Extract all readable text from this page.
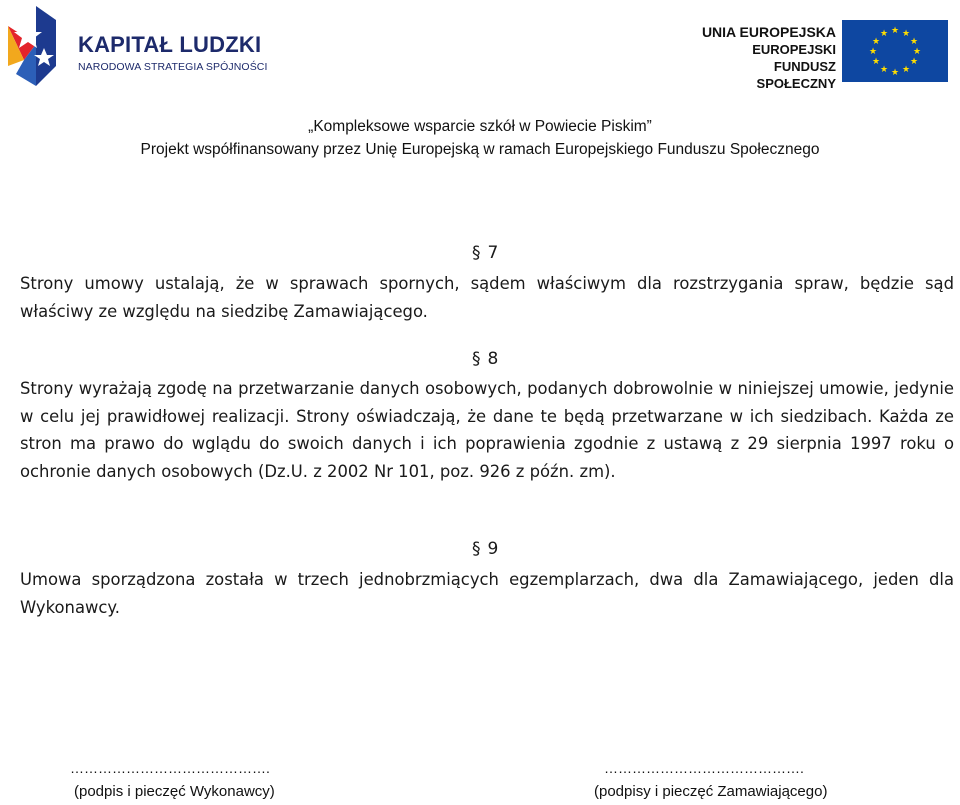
KAPITAŁ LUDZKI
NARODOWA STRATEGIA SPÓJNOŚCI
UNIA EUROPEJSKA
EUROPEJSKI
FUNDUSZ SPOŁECZNY
★ ★
★
★
★
★
★
★
★
★
★
★
„Kompleksowe wsparcie szkół w Powiecie Piskim”
Projekt współfinansowany przez Unię Europejską w ramach Europejskiego Funduszu Społecznego
§ 7
Strony umowy ustalają, że w sprawach spornych, sądem właściwym dla rozstrzygania spraw, będzie sąd właściwy ze względu na siedzibę Zamawiającego.
§ 8
Strony wyrażają zgodę na przetwarzanie danych osobowych, podanych dobrowolnie w niniejszej umowie, jedynie w celu jej prawidłowej realizacji. Strony oświadczają, że dane te będą przetwarzane w ich siedzibach. Każda ze stron ma prawo do wglądu do swoich danych i ich poprawienia zgodnie z ustawą z 29 sierpnia 1997 roku o ochronie danych osobowych (Dz.U. z 2002 Nr 101, poz. 926 z późn. zm).
§ 9
Umowa sporządzona została w trzech jednobrzmiących egzemplarzach, dwa dla Zamawiającego, jeden dla Wykonawcy.
…………………………………….
(podpis i pieczęć Wykonawcy)
…………………………………….
(podpisy i pieczęć Zamawiającego)
